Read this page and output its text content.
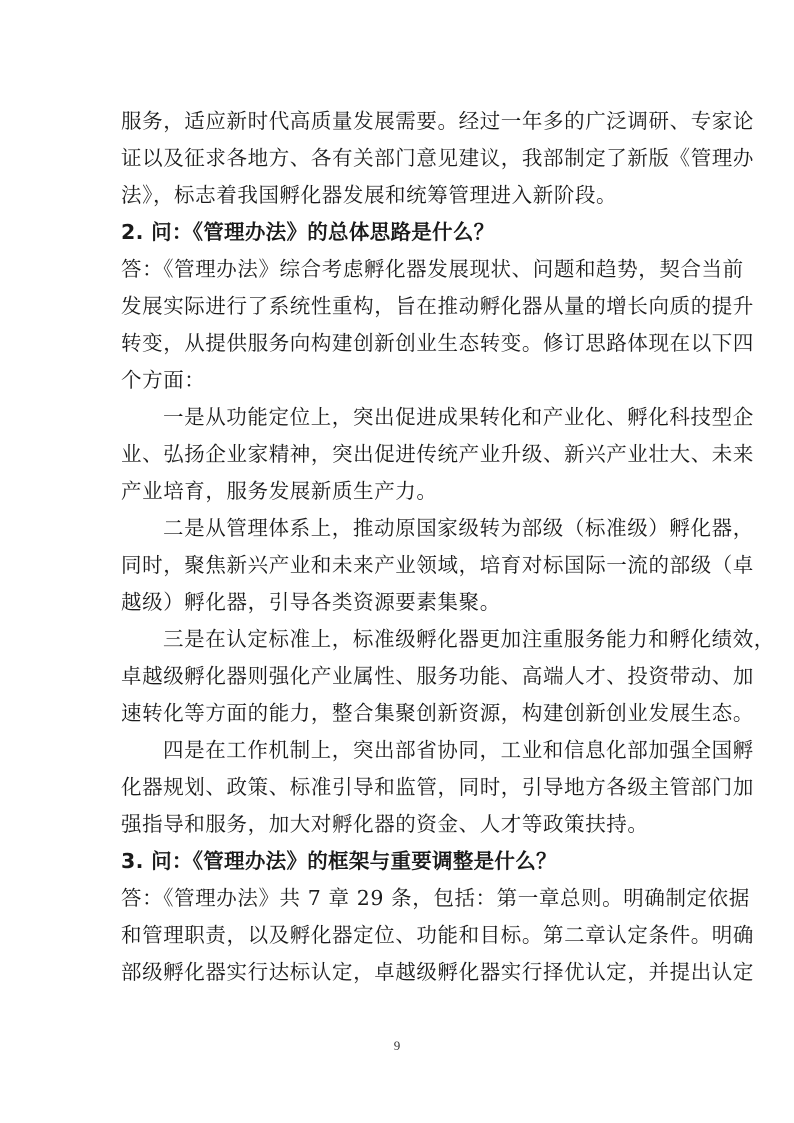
服务，适应新时代高质量发展需要。经过一年多的广泛调研、专家论
证以及征求各地方、各有关部门意见建议，我部制定了新版《管理办
法》，标志着我国孵化器发展和统筹管理进入新阶段。
2. 问：《管理办法》的总体思路是什么？
答：《管理办法》综合考虑孵化器发展现状、问题和趋势，契合当前
发展实际进行了系统性重构，旨在推动孵化器从量的增长向质的提升
转变，从提供服务向构建创新创业生态转变。修订思路体现在以下四
个方面：
一是从功能定位上，突出促进成果转化和产业化、孵化科技型企
业、弘扬企业家精神，突出促进传统产业升级、新兴产业壮大、未来
产业培育，服务发展新质生产力。
二是从管理体系上，推动原国家级转为部级（标准级）孵化器，
同时，聚焦新兴产业和未来产业领域，培育对标国际一流的部级（卓
越级）孵化器，引导各类资源要素集聚。
三是在认定标准上，标准级孵化器更加注重服务能力和孵化绩效，
卓越级孵化器则强化产业属性、服务功能、高端人才、投资带动、加
速转化等方面的能力，整合集聚创新资源，构建创新创业发展生态。
四是在工作机制上，突出部省协同，工业和信息化部加强全国孵
化器规划、政策、标准引导和监管，同时，引导地方各级主管部门加
强指导和服务，加大对孵化器的资金、人才等政策扶持。
3. 问：《管理办法》的框架与重要调整是什么？
答：《管理办法》共 7 章 29 条，包括：第一章总则。明确制定依据
和管理职责，以及孵化器定位、功能和目标。第二章认定条件。明确
部级孵化器实行达标认定，卓越级孵化器实行择优认定，并提出认定
9
